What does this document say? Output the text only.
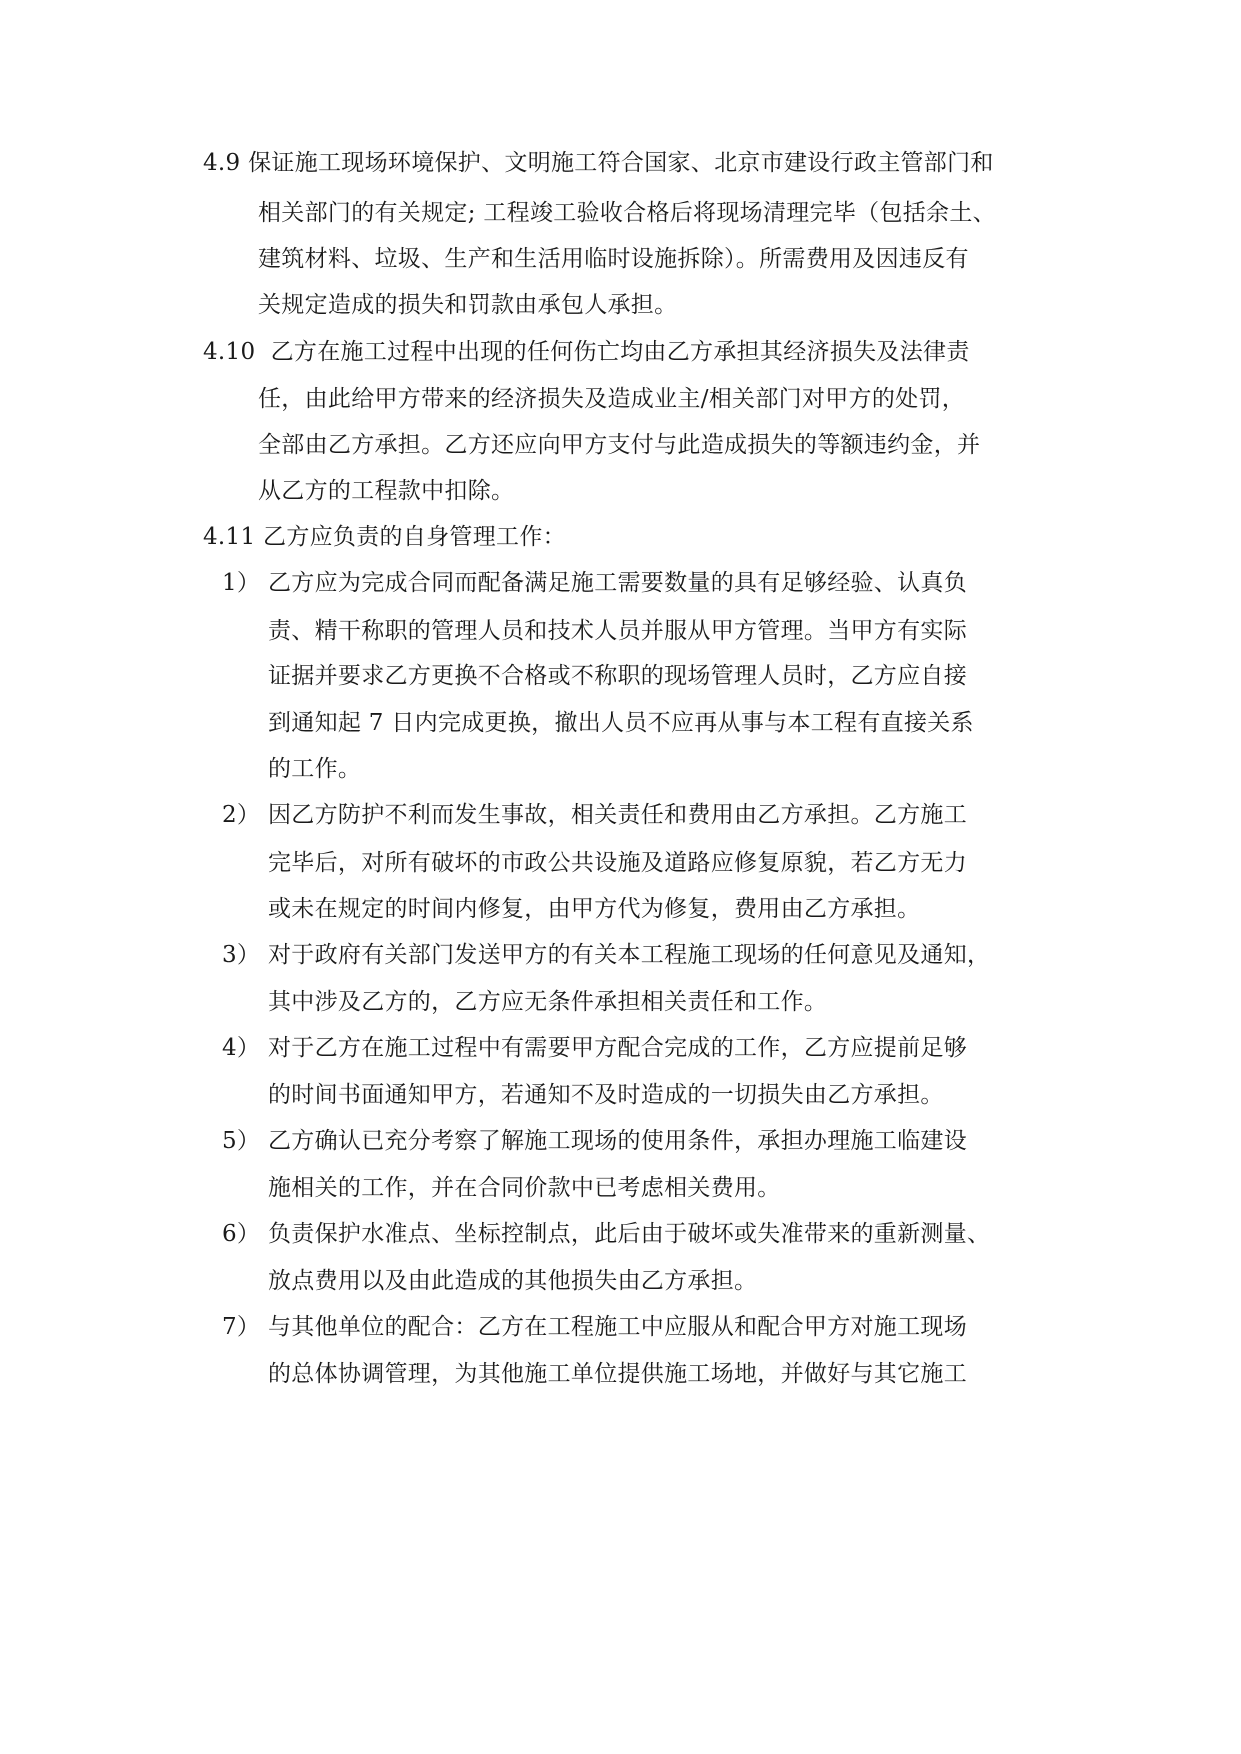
4.9 保证施工现场环境保护、文明施工符合国家、北京市建设行政主管部门和
相关部门的有关规定; 工程竣工验收合格后将现场清理完毕（包括余土、
建筑材料、垃圾、生产和生活用临时设施拆除）。所需费用及因违反有
关规定造成的损失和罚款由承包人承担。
4.10 乙方在施工过程中出现的任何伤亡均由乙方承担其经济损失及法律责
任，由此给甲方带来的经济损失及造成业主/相关部门对甲方的处罚，
全部由乙方承担。乙方还应向甲方支付与此造成损失的等额违约金，并
从乙方的工程款中扣除。
4.11 乙方应负责的自身管理工作：
1） 乙方应为完成合同而配备满足施工需要数量的具有足够经验、认真负
责、精干称职的管理人员和技术人员并服从甲方管理。当甲方有实际
证据并要求乙方更换不合格或不称职的现场管理人员时，乙方应自接
到通知起 7 日内完成更换，撤出人员不应再从事与本工程有直接关系
的工作。
2） 因乙方防护不利而发生事故，相关责任和费用由乙方承担。乙方施工
完毕后，对所有破坏的市政公共设施及道路应修复原貌，若乙方无力
或未在规定的时间内修复，由甲方代为修复，费用由乙方承担。
3） 对于政府有关部门发送甲方的有关本工程施工现场的任何意见及通知，
其中涉及乙方的，乙方应无条件承担相关责任和工作。
4） 对于乙方在施工过程中有需要甲方配合完成的工作，乙方应提前足够
的时间书面通知甲方，若通知不及时造成的一切损失由乙方承担。
5） 乙方确认已充分考察了解施工现场的使用条件，承担办理施工临建设
施相关的工作，并在合同价款中已考虑相关费用。
6） 负责保护水准点、坐标控制点，此后由于破坏或失准带来的重新测量、
放点费用以及由此造成的其他损失由乙方承担。
7） 与其他单位的配合：乙方在工程施工中应服从和配合甲方对施工现场
的总体协调管理，为其他施工单位提供施工场地，并做好与其它施工
